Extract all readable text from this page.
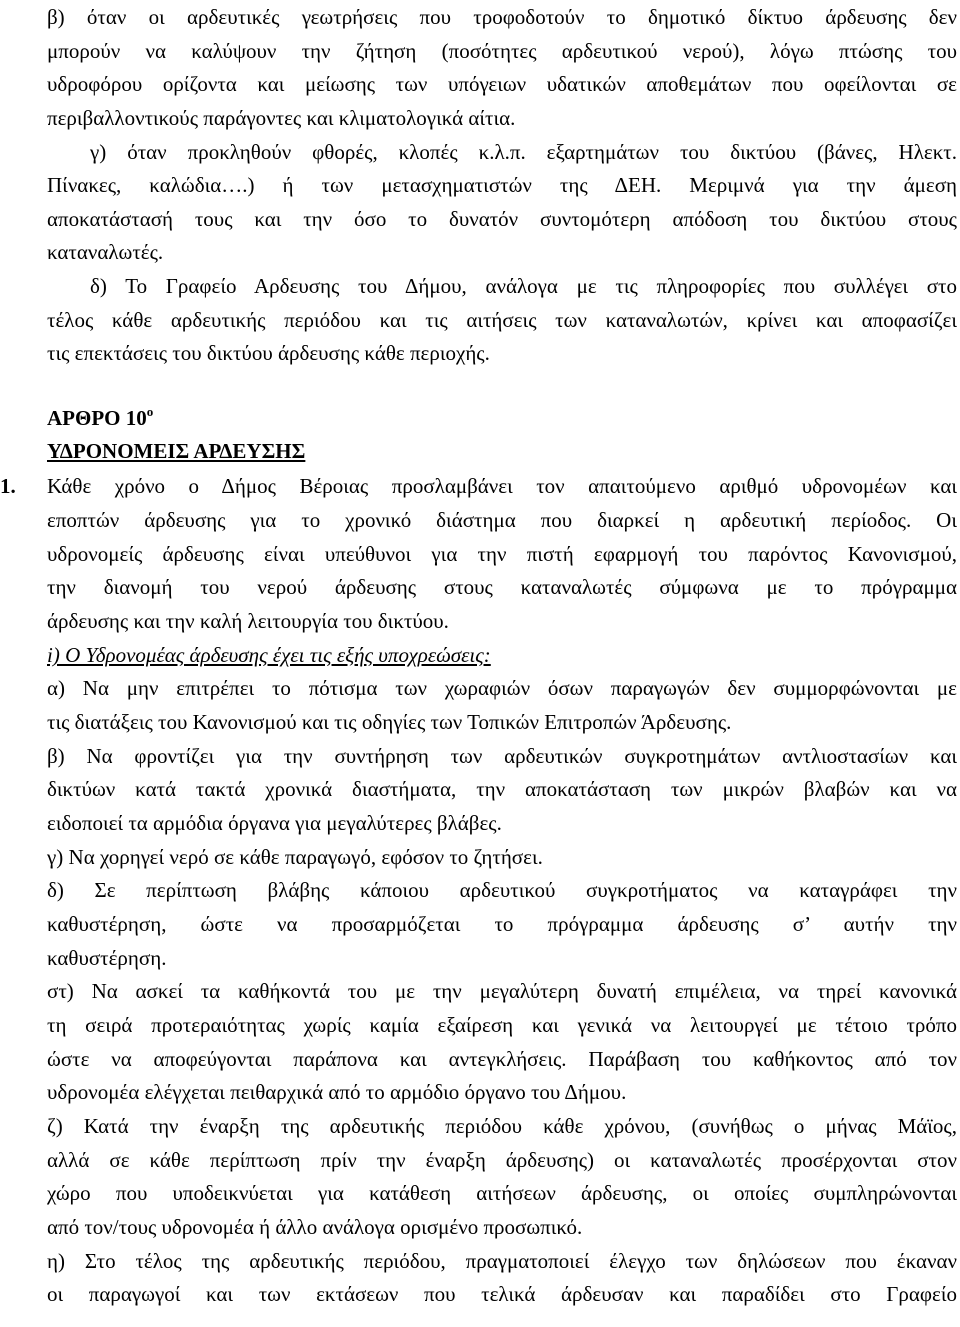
β) όταν οι αρδευτικές γεωτρήσεις που τροφοδοτούν το δημοτικό δίκτυο άρδευσης δεν
μπορούν να καλύψουν την ζήτηση (ποσότητες αρδευτικού νερού), λόγω πτώσης του
υδροφόρου ορίζοντα και μείωσης των υπόγειων υδατικών αποθεμάτων που οφείλονται σε
περιβαλλοντικούς παράγοντες και κλιματολογικά αίτια.
γ) όταν προκληθούν φθορές, κλοπές κ.λ.π. εξαρτημάτων του δικτύου (βάνες, Ηλεκτ.
Πίνακες, καλώδια….) ή των μετασχηματιστών της ΔΕΗ. Μεριμνά για την άμεση
αποκατάστασή τους και την όσο το δυνατόν συντομότερη απόδοση του δικτύου στους
καταναλωτές.
δ) Το Γραφείο Αρδευσης του Δήμου, ανάλογα με τις πληροφορίες που συλλέγει στο
τέλος κάθε αρδευτικής περιόδου και τις αιτήσεις των καταναλωτών, κρίνει και αποφασίζει
τις επεκτάσεις του δικτύου άρδευσης κάθε περιοχής.
ΑΡΘΡΟ $10^o$
ΥΔΡΟΝΟΜΕΙΣ ΑΡΔΕΥΣΗΣ
1. Κάθε χρόνο ο Δήμος Βέροιας προσλαμβάνει τον απαιτούμενο αριθμό υδρονομέων και
εποπτών άρδευσης για το χρονικό διάστημα που διαρκεί η αρδευτική περίοδος. Οι
υδρονομείς άρδευσης είναι υπεύθυνοι για την πιστή εφαρμογή του παρόντος Κανονισμού,
την διανομή του νερού άρδευσης στους καταναλωτές σύμφωνα με το πρόγραμμα
άρδευσης και την καλή λειτουργία του δικτύου.
i) Ο Υδρονομέας άρδευσης έχει τις εξής υποχρεώσεις:
α) Να μην επιτρέπει το πότισμα των χωραφιών όσων παραγωγών δεν συμμορφώνονται με
τις διατάξεις του Κανονισμού και τις οδηγίες των Τοπικών Επιτροπών Άρδευσης.
β) Να φροντίζει για την συντήρηση των αρδευτικών συγκροτημάτων αντλιοστασίων και
δικτύων κατά τακτά χρονικά διαστήματα, την αποκατάσταση των μικρών βλαβών και να
ειδοποιεί τα αρμόδια όργανα για μεγαλύτερες βλάβες.
γ) Να χορηγεί νερό σε κάθε παραγωγό, εφόσον το ζητήσει.
δ) Σε περίπτωση βλάβης κάποιου αρδευτικού συγκροτήματος να καταγράφει την
καθυστέρηση, ώστε να προσαρμόζεται το πρόγραμμα άρδευσης σ’ αυτήν την
καθυστέρηση.
στ) Να ασκεί τα καθήκοντά του με την μεγαλύτερη δυνατή επιμέλεια, να τηρεί κανονικά
τη σειρά προτεραιότητας χωρίς καμία εξαίρεση και γενικά να λειτουργεί με τέτοιο τρόπο
ώστε να αποφεύγονται παράπονα και αντεγκλήσεις. Παράβαση του καθήκοντος από τον
υδρονομέα ελέγχεται πειθαρχικά από το αρμόδιο όργανο του Δήμου.
ζ) Κατά την έναρξη της αρδευτικής περιόδου κάθε χρόνου, (συνήθως ο μήνας Μάϊος,
αλλά σε κάθε περίπτωση πρίν την έναρξη άρδευσης) οι καταναλωτές προσέρχονται στον
χώρο που υποδεικνύεται για κατάθεση αιτήσεων άρδευσης, οι οποίες συμπληρώνονται
από τον/τους υδρονομέα ή άλλο ανάλογα ορισμένο προσωπικό.
η) Στο τέλος της αρδευτικής περιόδου, πραγματοποιεί έλεγχο των δηλώσεων που έκαναν
οι παραγωγοί και των εκτάσεων που τελικά άρδευσαν και παραδίδει στο Γραφείο
